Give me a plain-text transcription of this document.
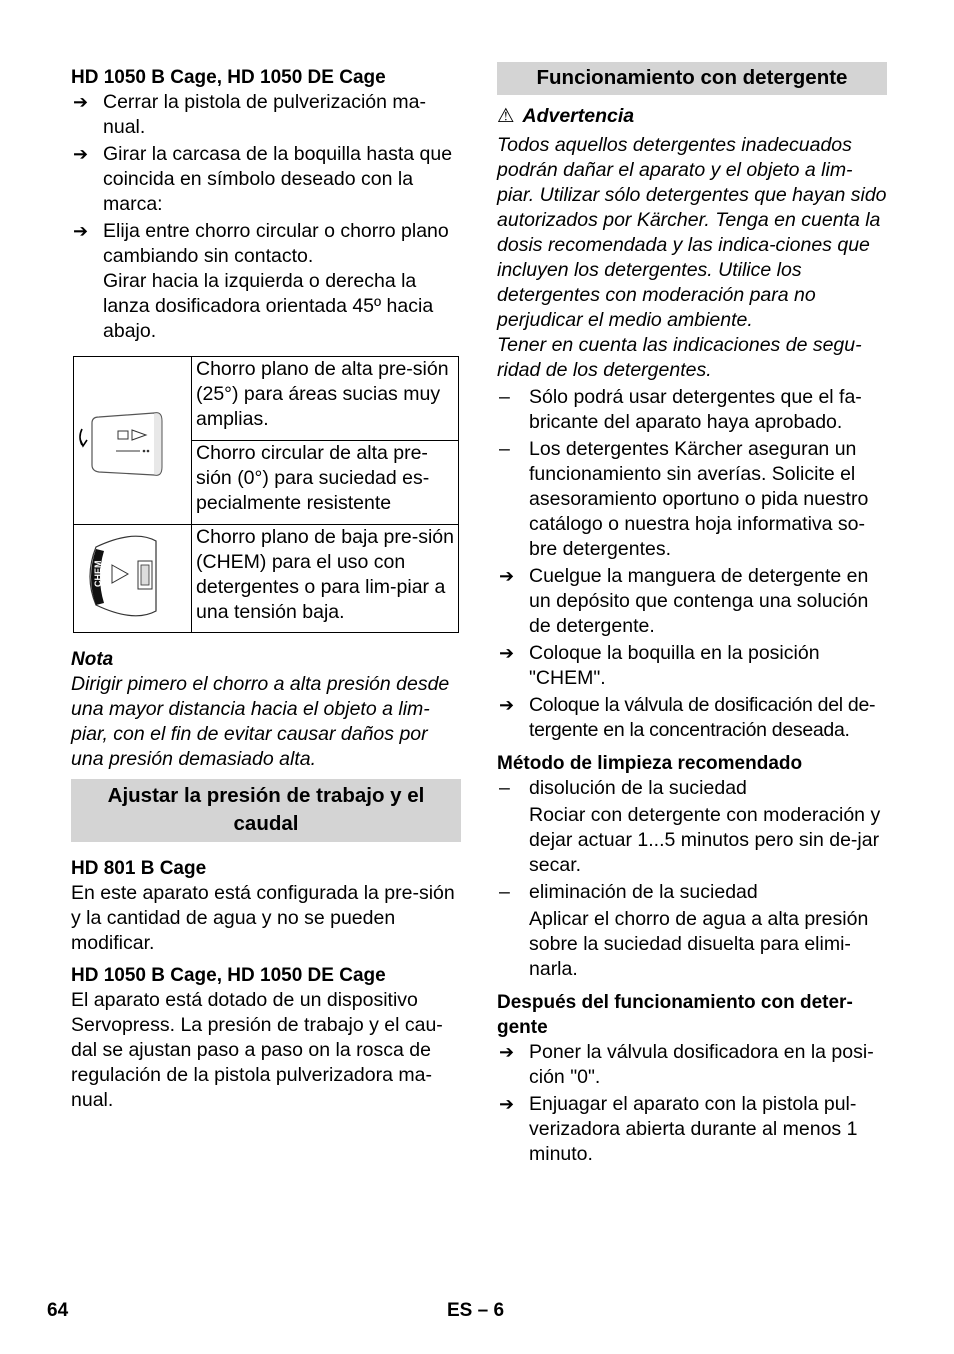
HD 1050 B Cage, HD 1050 DE Cage
➔ Cerrar la pistola de pulverización ma-nual.
➔ Girar la carcasa de la boquilla hasta que coincida en símbolo deseado con la marca:
➔ Elija entre chorro circular o chorro plano cambiando sin contacto.
Girar hacia la izquierda o derecha la lanza dosificadora orientada 45º hacia abajo.
	Chorro plano de alta pre-sión (25°) para áreas sucias muy amplias.
	Chorro circular de alta pre-sión (0°) para suciedad es-pecialmente resistente

CHEM	Chorro plano de baja pre-sión (CHEM) para el uso con detergentes o para lim-piar a una tensión baja.
Nota
Dirigir pimero el chorro a alta presión desde una mayor distancia hacia el objeto a lim-piar, con el fin de evitar causar daños por una presión demasiado alta.
Ajustar la presión de trabajo y el caudal
HD 801 B Cage
En este aparato está configurada la pre-sión y la cantidad de agua y no se pueden modificar.
HD 1050 B Cage, HD 1050 DE Cage
El aparato está dotado de un dispositivo Servopress. La presión de trabajo y el cau-dal se ajustan paso a paso on la rosca de regulación de la pistola pulverizadora ma-nual.
Funcionamiento con detergente
⚠ Advertencia
Todos aquellos detergentes inadecuados podrán dañar el aparato y el objeto a lim-piar. Utilizar sólo detergentes que hayan sido autorizados por Kärcher. Tenga en cuenta la dosis recomendada y las indica-ciones que incluyen los detergentes. Utilice los detergentes con moderación para no perjudicar el medio ambiente.
Tener en cuenta las indicaciones de segu-ridad de los detergentes.
– Sólo podrá usar detergentes que el fa-bricante del aparato haya aprobado.
– Los detergentes Kärcher aseguran un funcionamiento sin averías. Solicite el asesoramiento oportuno o pida nuestro catálogo o nuestra hoja informativa so-bre detergentes.
➔ Cuelgue la manguera de detergente en un depósito que contenga una solución de detergente.
➔ Coloque la boquilla en la posición "CHEM".
➔ Coloque la válvula de dosificación del de-tergente en la concentración deseada.
Método de limpieza recomendado
– disolución de la suciedad
Rociar con detergente con moderación y dejar actuar 1...5 minutos pero sin de-jar secar.
– eliminación de la suciedad
Aplicar el chorro de agua a alta presión sobre la suciedad disuelta para elimi-narla.
Después del funcionamiento con deter-gente
➔ Poner la válvula dosificadora en la posi-ción "0".
➔ Enjuagar el aparato con la pistola pul-verizadora abierta durante al menos 1 minuto.
64	ES – 6
